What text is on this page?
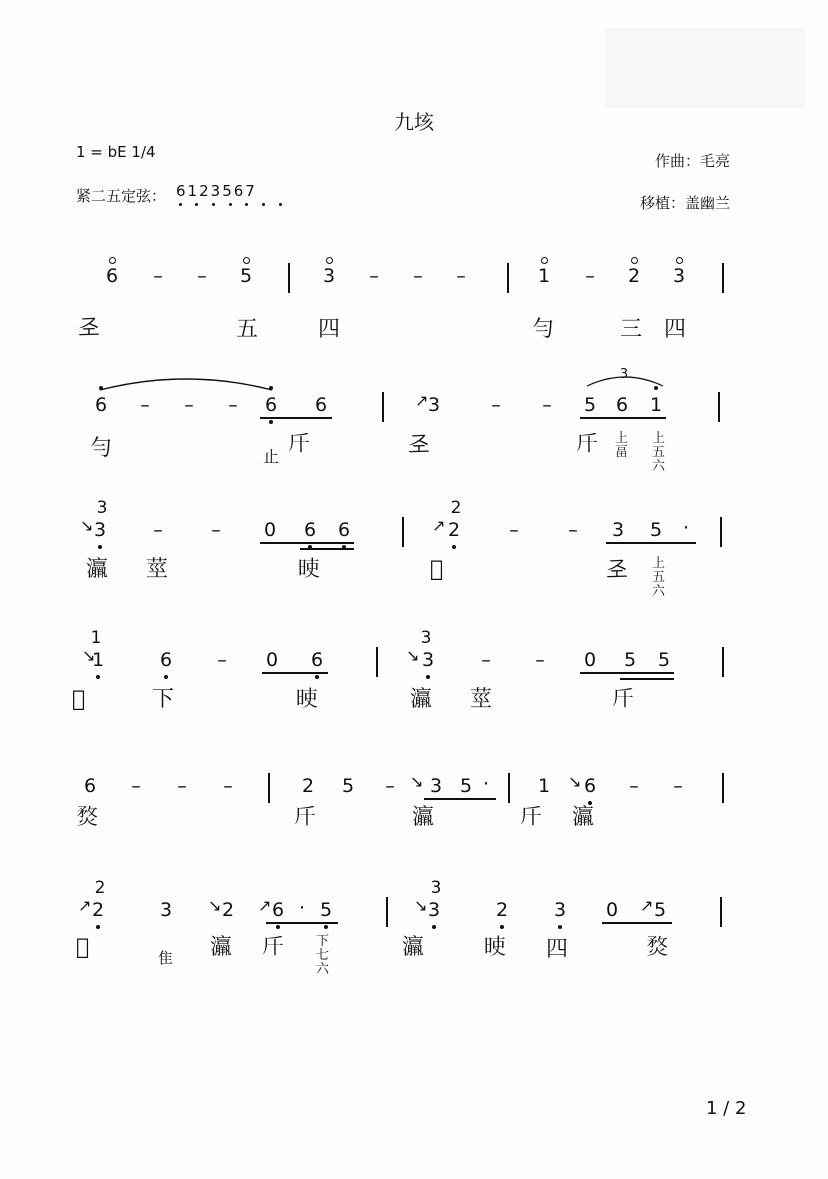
九垓
1 = bE 1/4	作曲：毛亮
紧二五定弦： 6123567
移植：盖幽兰
6 – – 5	3 – – –	1 – 2 3
𢀖	五	四	勻	三 四
3
6 – – – 6 6	↗ 3	– – 5 6 1
勻	止 𣂑	𢀖	𣂑 上
畐
上
五
六
3
↘ 3 –	– 0 6 6
2
↗ 2	–	– 3 5	·
𤅀 莖	𣆘	𤽠	𢀖 上
五
六
1
↘
1	6 – 0 6
3
↘ 3 – – 0 5 5
𤽠	下	𣆘	𤅀 莖	𣂑
6 – – –	2 5 – ↘ 3 5 ·	1 ↘ 6 – –
𤋄	𣂑	𤅀	𣂑 𤅀
2
↗ 2	3 ↘ 2 ↗ 6 · 5
3
↘ 3	2 3 0 ↗ 5
𤽠	隹 𤅀 𣂑 下
七
六
𤅀	𣆘 四	𤋄
1 / 2
